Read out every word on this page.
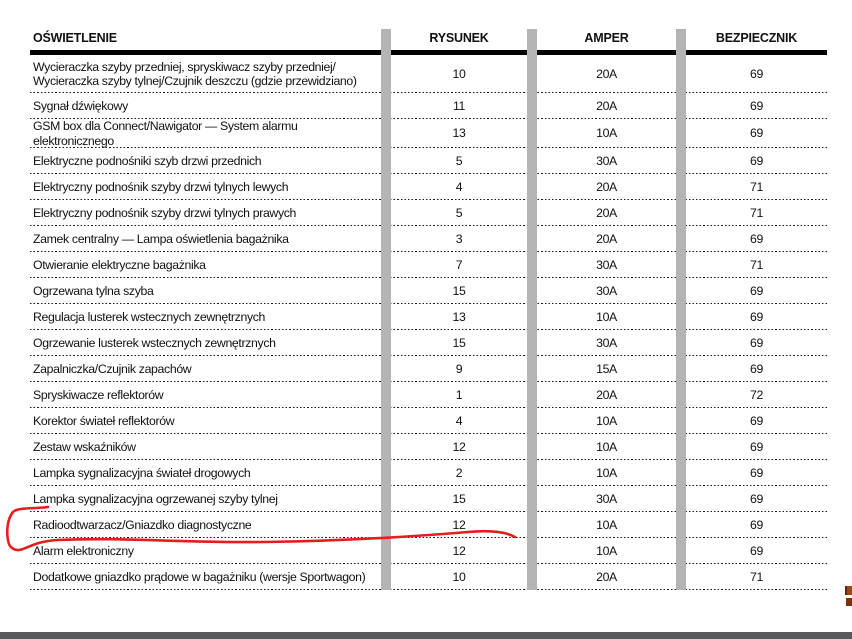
OŚWIETLENIE	RYSUNEK	AMPER	BEZPIECZNIK
Wycieraczka szyby przedniej, spryskiwacz szyby przedniej/
Wycieraczka szyby tylnej/Czujnik deszczu (gdzie przewidziano)
10	20A	69
Sygnał dźwiękowy	11	20A	69
GSM box dla Connect/Nawigator — System alarmu elektronicznego
13	10A	69
Elektryczne podnośniki szyb drzwi przednich	5	30A	69
Elektryczny podnośnik szyby drzwi tylnych lewych	4	20A	71
Elektryczny podnośnik szyby drzwi tylnych prawych	5	20A	71
Zamek centralny — Lampa oświetlenia bagażnika	3	20A	69
Otwieranie elektryczne bagażnika	7	30A	71
Ogrzewana tylna szyba	15	30A	69
Regulacja lusterek wstecznych zewnętrznych	13	10A	69
Ogrzewanie lusterek wstecznych zewnętrznych	15	30A	69
Zapalniczka/Czujnik zapachów	9	15A	69
Spryskiwacze reflektorów	1	20A	72
Korektor świateł reflektorów	4	10A	69
Zestaw wskaźników	12	10A	69
Lampka sygnalizacyjna świateł drogowych	2	10A	69
Lampka sygnalizacyjna ogrzewanej szyby tylnej	15	30A	69
Radioodtwarzacz/Gniazdko diagnostyczne	12	10A	69
Alarm elektroniczny	12	10A	69
Dodatkowe gniazdko prądowe w bagażniku (wersje Sportwagon)	10	20A	71
